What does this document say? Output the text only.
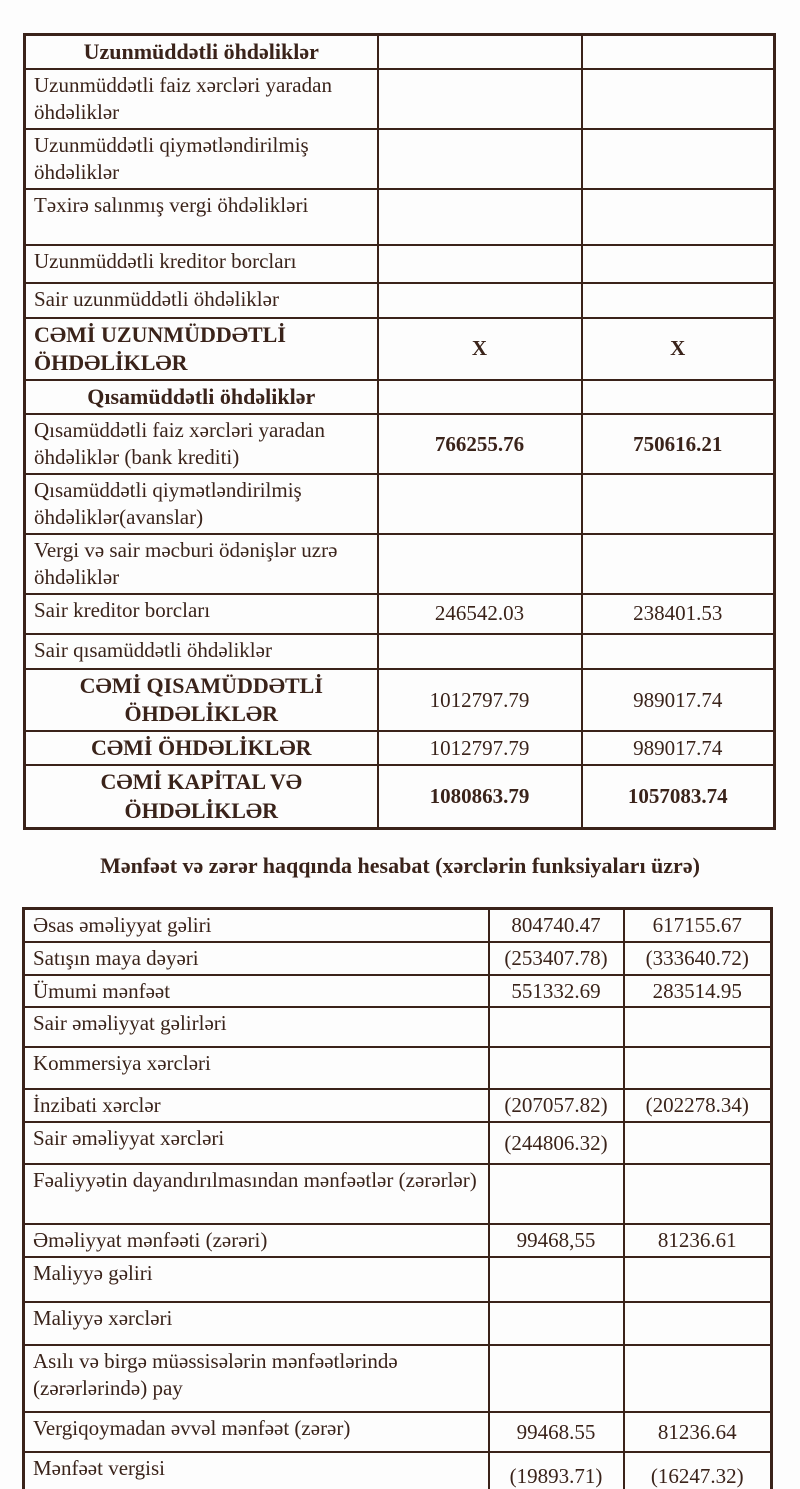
Uzunmüddətli öhdəliklər		
Uzunmüddətli faiz xərcləri yaradan öhdəliklər		
Uzunmüddətli qiymətləndirilmiş öhdəliklər		
Təxirə salınmış vergi öhdəlikləri		
Uzunmüddətli kreditor borcları		
Sair uzunmüddətli öhdəliklər		
CƏMİ UZUNMÜDDƏTLİ ÖHDƏLİKLƏR	X	X
Qısamüddətli öhdəliklər		
Qısamüddətli faiz xərcləri yaradan öhdəliklər (bank krediti)	766255.76	750616.21
Qısamüddətli qiymətləndirilmiş öhdəliklər(avanslar)		
Vergi və sair məcburi ödənişlər uzrə öhdəliklər		
Sair kreditor borcları	246542.03	238401.53
Sair qısamüddətli öhdəliklər		
CƏMİ QISAMÜDDƏTLİ ÖHDƏLİKLƏR	1012797.79	989017.74
CƏMİ ÖHDƏLİKLƏR	1012797.79	989017.74
CƏMİ KAPİTAL VƏ ÖHDƏLİKLƏR	1080863.79	1057083.74
Mənfəət və zərər haqqında hesabat (xərclərin funksiyaları üzrə)
Əsas əməliyyat gəliri	804740.47	617155.67
Satışın maya dəyəri	(253407.78)	(333640.72)
Ümumi mənfəət	551332.69	283514.95
Sair əməliyyat gəlirləri		
Kommersiya xərcləri		
İnzibati xərclər	(207057.82)	(202278.34)
Sair əməliyyat xərcləri	(244806.32)	
Fəaliyyətin dayandırılmasından mənfəətlər (zərərlər)		
Əməliyyat mənfəəti (zərəri)	99468,55	81236.61
Maliyyə gəliri		
Maliyyə xərcləri		
Asılı və birgə müəssisələrin mənfəətlərində (zərərlərində) pay		
Vergiqoymadan əvvəl mənfəət (zərər)	99468.55	81236.64
Mənfəət vergisi	(19893.71)	(16247.32)
